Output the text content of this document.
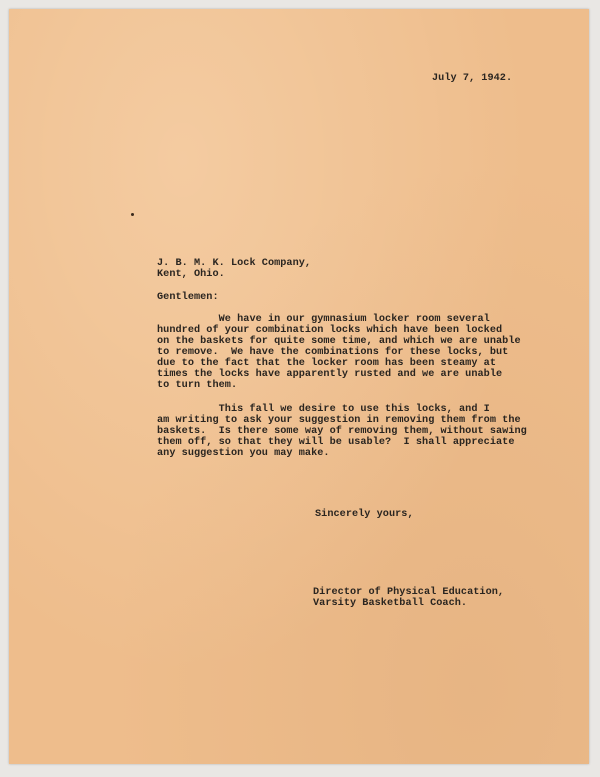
July 7, 1942.
J. B. M. K. Lock Company,
Kent, Ohio.
Gentlemen:
We have in our gymnasium locker room several
hundred of your combination locks which have been locked
on the baskets for quite some time, and which we are unable
to remove.  We have the combinations for these locks, but
due to the fact that the locker room has been steamy at
times the locks have apparently rusted and we are unable
to turn them.
This fall we desire to use this locks, and I
am writing to ask your suggestion in removing them from the
baskets.  Is there some way of removing them, without sawing
them off, so that they will be usable?  I shall appreciate
any suggestion you may make.
Sincerely yours,
Director of Physical Education,
Varsity Basketball Coach.
